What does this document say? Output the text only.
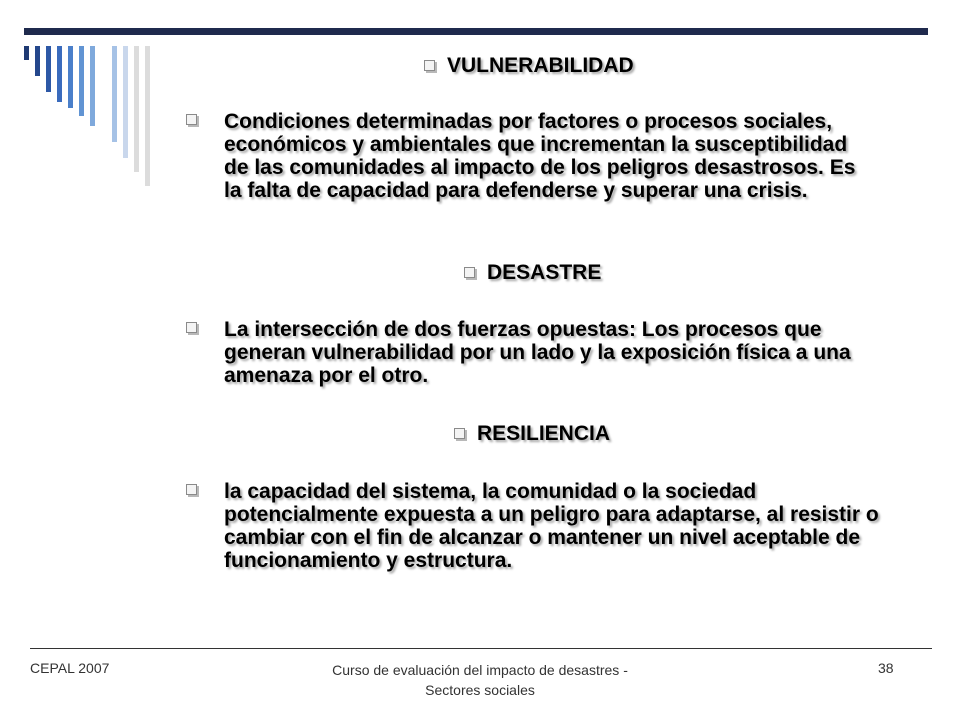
VULNERABILIDAD

Condiciones determinadas por factores o procesos sociales, económicos y ambientales que incrementan la susceptibilidad de las comunidades al impacto de los peligros desastrosos. Es la falta de capacidad para defenderse y superar una crisis.

DESASTRE

La intersección de dos fuerzas opuestas: Los procesos que generan vulnerabilidad por un lado y la exposición física a una amenaza por el otro.

RESILIENCIA

la capacidad del sistema, la comunidad o la sociedad potencialmente expuesta a un peligro para adaptarse, al resistir o cambiar con el fin de alcanzar o mantener un nivel aceptable de funcionamiento y estructura.

CEPAL 2007	Curso de evaluación del impacto de desastres - Sectores sociales
38
